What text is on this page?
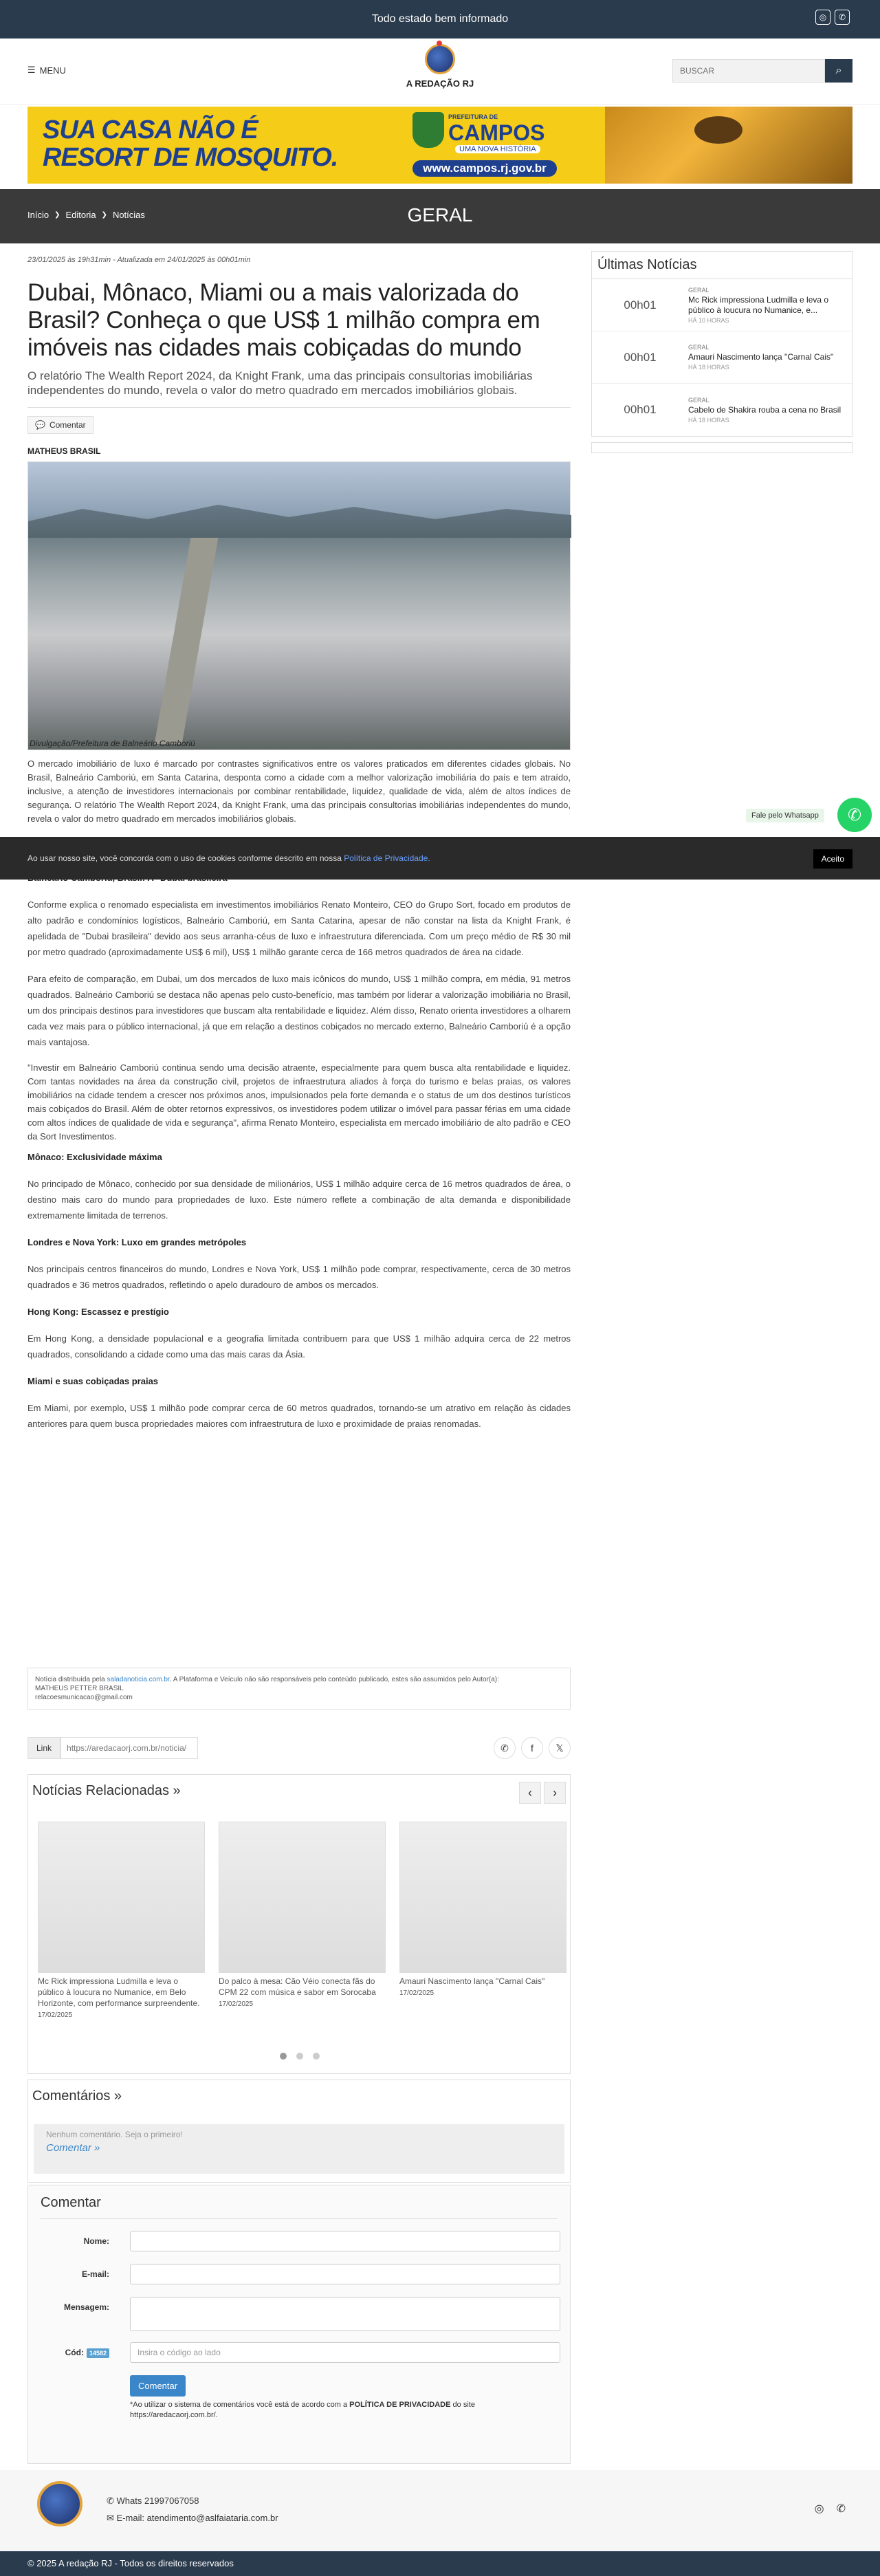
Todo estado bem informado	◎	✆
☰ MENU
A REDAÇÃO RJ
BUSCAR
⌕
SUA CASA NÃO É
RESORT DE MOSQUITO.
PREFEITURA DE
CAMPOS
UMA NOVA HISTÓRIA
www.campos.rj.gov.br
GERAL
Início ❯ Editoria ❯ Notícias
23/01/2025 às 19h31min - Atualizada em 24/01/2025 às 00h01min
Dubai, Mônaco, Miami ou a mais valorizada do Brasil? Conheça o que US$ 1 milhão compra em imóveis nas cidades mais cobiçadas do mundo
O relatório The Wealth Report 2024, da Knight Frank, uma das principais consultorias imobiliárias independentes do mundo, revela o valor do metro quadrado em mercados imobiliários globais.
💬 Comentar
MATHEUS BRASIL
Divulgação/Prefeitura de Balneário Camboriú

O mercado imobiliário de luxo é marcado por contrastes significativos entre os valores praticados em diferentes cidades globais. No Brasil, Balneário Camboriú, em Santa Catarina, desponta como a cidade com a melhor valorização imobiliária do país e tem atraído, inclusive, a atenção de investidores internacionais por combinar rentabilidade, liquidez, qualidade de vida, além de altos índices de segurança. O relatório The Wealth Report 2024, da Knight Frank, uma das principais consultorias imobiliárias independentes do mundo, revela o valor do metro quadrado em mercados imobiliários globais.

Conforme explica o renomado especialista em investimentos imobiliários Renato Monteiro, CEO do Grupo Sort, focado em produtos de alto padrão e condomínios logísticos, Balneário Camboriú, em Santa Catarina, apesar de não constar na lista da Knight Frank, é apelidada de "Dubai brasileira" devido aos seus arranha-céus de luxo e infraestrutura diferenciada. Com um preço médio de R$ 30 mil por metro quadrado (aproximadamente US$ 6 mil), US$ 1 milhão garante cerca de 166 metros quadrados de área na cidade.

Para efeito de comparação, em Dubai, um dos mercados de luxo mais icônicos do mundo, US$ 1 milhão compra, em média, 91 metros quadrados. Balneário Camboriú se destaca não apenas pelo custo-benefício, mas também por liderar a valorização imobiliária no Brasil, um dos principais destinos para investidores que buscam alta rentabilidade e liquidez. Além disso, Renato orienta investidores a olharem cada vez mais para o público internacional, já que em relação a destinos cobiçados no mercado externo, Balneário Camboriú é a opção mais vantajosa.

"Investir em Balneário Camboriú continua sendo uma decisão atraente, especialmente para quem busca alta rentabilidade e liquidez. Com tantas novidades na área da construção civil, projetos de infraestrutura aliados à força do turismo e belas praias, os valores imobiliários na cidade tendem a crescer nos próximos anos, impulsionados pela forte demanda e o status de um dos destinos turísticos mais cobiçados do Brasil. Além de obter retornos expressivos, os investidores podem utilizar o imóvel para passar férias em uma cidade com altos índices de qualidade de vida e segurança", afirma Renato Monteiro, especialista em mercado imobiliário de alto padrão e CEO da Sort Investimentos.

Mônaco: Exclusividade máxima

No principado de Mônaco, conhecido por sua densidade de milionários, US$ 1 milhão adquire cerca de 16 metros quadrados de área, o destino mais caro do mundo para propriedades de luxo. Este número reflete a combinação de alta demanda e disponibilidade extremamente limitada de terrenos.

Londres e Nova York: Luxo em grandes metrópoles

Nos principais centros financeiros do mundo, Londres e Nova York, US$ 1 milhão pode comprar, respectivamente, cerca de 30 metros quadrados e 36 metros quadrados, refletindo o apelo duradouro de ambos os mercados.

Hong Kong: Escassez e prestígio

Em Hong Kong, a densidade populacional e a geografia limitada contribuem para que US$ 1 milhão adquira cerca de 22 metros quadrados, consolidando a cidade como uma das mais caras da Ásia.

Miami e suas cobiçadas praias

Em Miami, por exemplo, US$ 1 milhão pode comprar cerca de 60 metros quadrados, tornando-se um atrativo em relação às cidades anteriores para quem busca propriedades maiores com infraestrutura de luxo e proximidade de praias renomadas.

Últimas Notícias
00h01
GERAL
Mc Rick impressiona Ludmilla e leva o público à loucura no Numanice, e...
HÁ 10 HORAS
00h01
GERAL
Amauri Nascimento lança "Carnal Cais"
HÁ 18 HORAS
00h01
GERAL
Cabelo de Shakira rouba a cena no Brasil
HÁ 18 HORAS
Fale pelo Whatsapp	✆
Ao usar nosso site, você concorda com o uso de cookies conforme descrito em nossa Política de Privacidade.	Aceito
Notícia distribuída pela saladanoticia.com.br. A Plataforma e Veículo não são responsáveis pelo conteúdo publicado, estes são assumidos pelo Autor(a):
MATHEUS PETTER BRASIL
relacoesmunicacao@gmail.com
Link	https://aredacaorj.com.br/noticia/	✆	f	𝕏
Notícias Relacionadas »	‹	›
Mc Rick impressiona Ludmilla e leva o público à loucura no Numanice, em Belo Horizonte, com performance surpreendente.
17/02/2025
Do palco à mesa: Cão Véio conecta fãs do CPM 22 com música e sabor em Sorocaba
17/02/2025
Amauri Nascimento lança "Carnal Cais"
17/02/2025
Comentários »
Nenhum comentário. Seja o primeiro!
Comentar »
Comentar
Nome:
E-mail:
Mensagem:
Cód: 14582	Insira o código ao lado
Comentar
*Ao utilizar o sistema de comentários você está de acordo com a POLÍTICA DE PRIVACIDADE do site https://aredacaorj.com.br/.
✆ Whats 21997067058
✉ E-mail: atendimento@aslfaiataria.com.br
◎ ✆
© 2025 A redação RJ - Todos os direitos reservados
